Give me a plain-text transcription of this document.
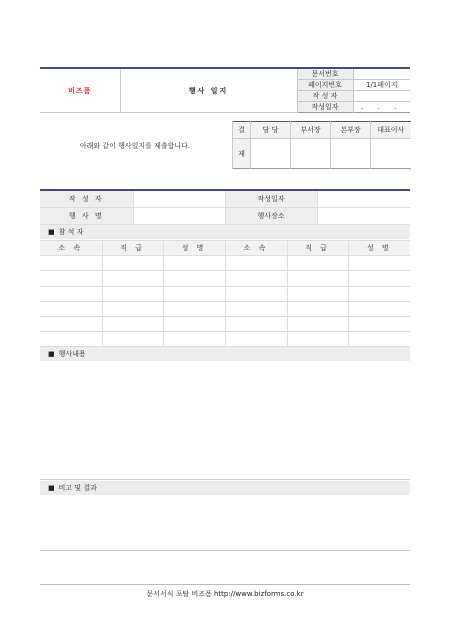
비즈폼	행사 일지	문서번호	
		페이지번호	1/1페이지
		작 성 자	
		작성일자	. . .
아래와 같이 행사일지를 제출합니다.
결	담 당	부서장	본부장	대표이사
재				
작 성 자		작성일자	
행 사 명		행사장소	
■ 참 석 자
소 속	직 급	성 명	소 속	직 급	성 명

■ 행사내용
■ 비고 및 결과
문서서식 포탈 비즈폼 http://www.bizforms.co.kr
